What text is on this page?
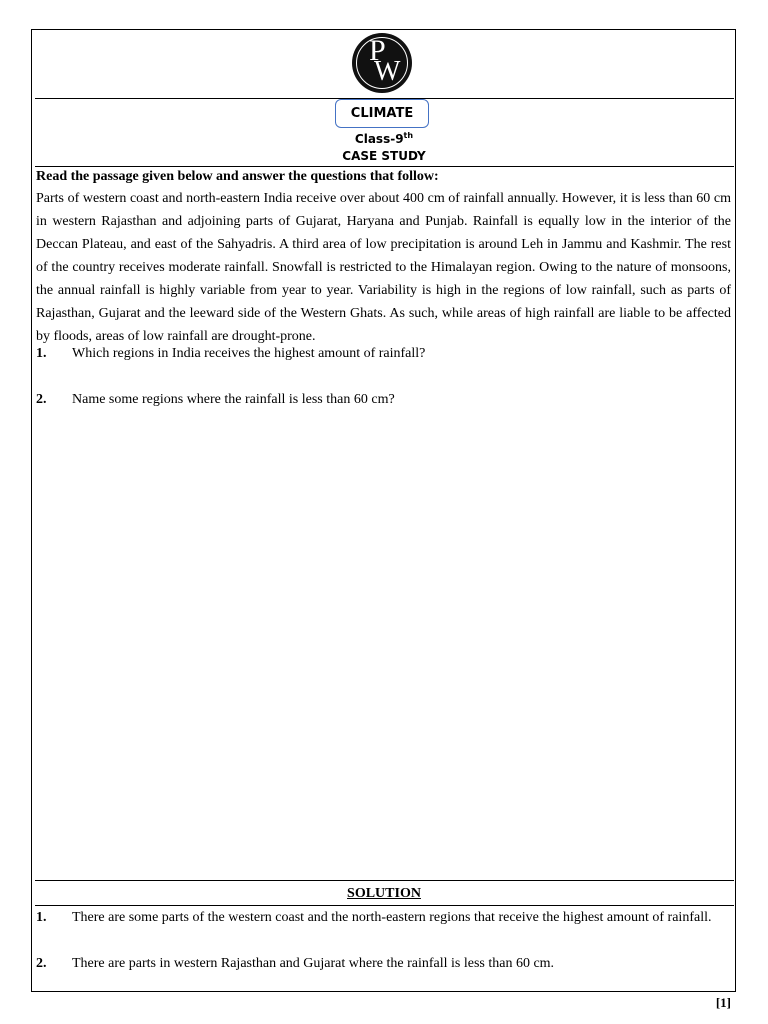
P
W
CLIMATE
Class-9th
CASE STUDY
Read the passage given below and answer the questions that follow:
Parts of western coast and north-eastern India receive over about 400 cm of rainfall annually. However, it is less than 60 cm in western Rajasthan and adjoining parts of Gujarat, Haryana and Punjab. Rainfall is equally low in the interior of the Deccan Plateau, and east of the Sahyadris. A third area of low precipitation is around Leh in Jammu and Kashmir. The rest of the country receives moderate rainfall. Snowfall is restricted to the Himalayan region. Owing to the nature of monsoons, the annual rainfall is highly variable from year to year. Variability is high in the regions of low rainfall, such as parts of Rajasthan, Gujarat and the leeward side of the Western Ghats. As such, while areas of high rainfall are liable to be affected by floods, areas of low rainfall are drought-prone.
1. Which regions in India receives the highest amount of rainfall?
2. Name some regions where the rainfall is less than 60 cm?
SOLUTION
1. There are some parts of the western coast and the north-eastern regions that receive the highest amount of rainfall.
2. There are parts in western Rajasthan and Gujarat where the rainfall is less than 60 cm.
[1]
